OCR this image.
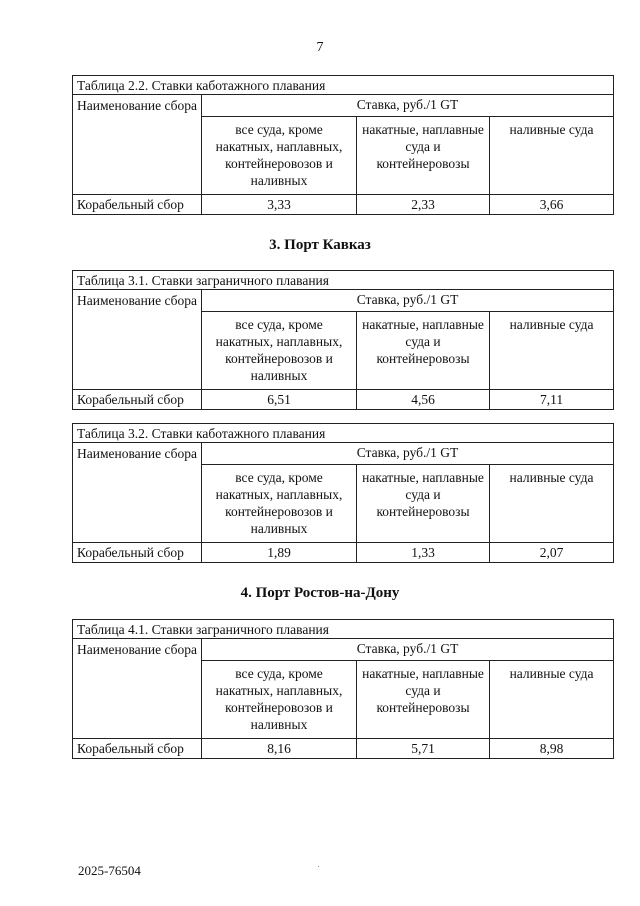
7
Таблица 2.2. Ставки каботажного плавания			
Наименование сбора	Ставка, руб./1 GT		
	все суда, кроме накатных, наплавных, контейнеровозов и наливных	накатные, наплавные суда и контейнеровозы	наливные суда
Корабельный сбор	3,33	2,33	3,66
3. Порт Кавказ
Таблица 3.1. Ставки заграничного плавания			
Наименование сбора	Ставка, руб./1 GT		
	все суда, кроме накатных, наплавных, контейнеровозов и наливных	накатные, наплавные суда и контейнеровозы	наливные суда
Корабельный сбор	6,51	4,56	7,11
Таблица 3.2. Ставки каботажного плавания			
Наименование сбора	Ставка, руб./1 GT		
	все суда, кроме накатных, наплавных, контейнеровозов и наливных	накатные, наплавные суда и контейнеровозы	наливные суда
Корабельный сбор	1,89	1,33	2,07
4. Порт Ростов-на-Дону
Таблица 4.1. Ставки заграничного плавания			
Наименование сбора	Ставка, руб./1 GT		
	все суда, кроме накатных, наплавных, контейнеровозов и наливных	накатные, наплавные суда и контейнеровозы	наливные суда
Корабельный сбор	8,16	5,71	8,98
2025-76504
